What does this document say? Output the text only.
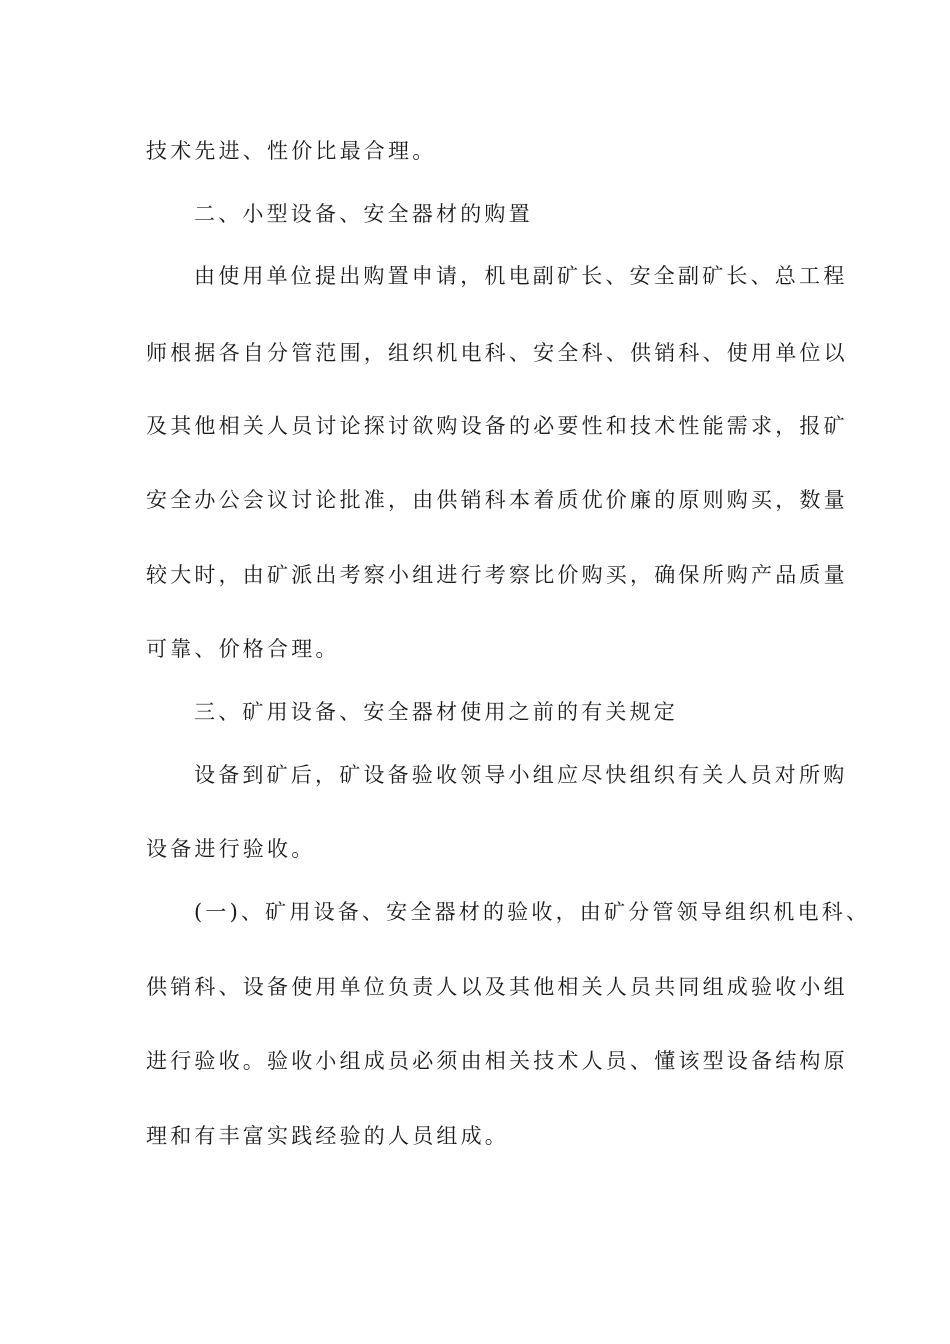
技术先进、性价比最合理。
二、小型设备、安全器材的购置
由使用单位提出购置申请，机电副矿长、安全副矿长、总工程
师根据各自分管范围，组织机电科、安全科、供销科、使用单位以
及其他相关人员讨论探讨欲购设备的必要性和技术性能需求，报矿
安全办公会议讨论批准，由供销科本着质优价廉的原则购买，数量
较大时，由矿派出考察小组进行考察比价购买，确保所购产品质量
可靠、价格合理。
三、矿用设备、安全器材使用之前的有关规定
设备到矿后，矿设备验收领导小组应尽快组织有关人员对所购
设备进行验收。
(一)、矿用设备、安全器材的验收，由矿分管领导组织机电科、
供销科、设备使用单位负责人以及其他相关人员共同组成验收小组
进行验收。验收小组成员必须由相关技术人员、懂该型设备结构原
理和有丰富实践经验的人员组成。
